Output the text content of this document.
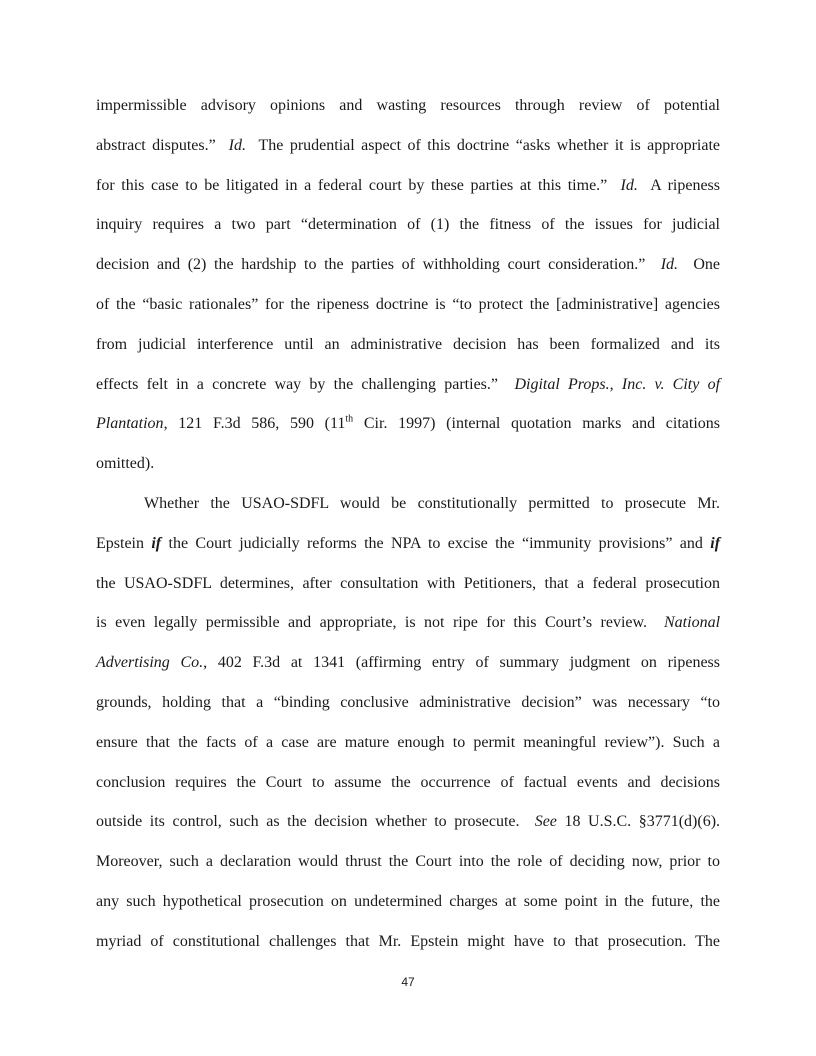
impermissible advisory opinions and wasting resources through review of potential
abstract disputes.” Id. The prudential aspect of this doctrine “asks whether it is appropriate
for this case to be litigated in a federal court by these parties at this time.” Id. A ripeness
inquiry requires a two part “determination of (1) the fitness of the issues for judicial
decision and (2) the hardship to the parties of withholding court consideration.” Id. One
of the “basic rationales” for the ripeness doctrine is “to protect the [administrative] agencies
from judicial interference until an administrative decision has been formalized and its
effects felt in a concrete way by the challenging parties.” Digital Props., Inc. v. City of
Plantation, 121 F.3d 586, 590 (11th Cir. 1997) (internal quotation marks and citations
omitted).
Whether the USAO-SDFL would be constitutionally permitted to prosecute Mr.
Epstein if the Court judicially reforms the NPA to excise the “immunity provisions” and if
the USAO-SDFL determines, after consultation with Petitioners, that a federal prosecution
is even legally permissible and appropriate, is not ripe for this Court’s review. National
Advertising Co., 402 F.3d at 1341 (affirming entry of summary judgment on ripeness
grounds, holding that a “binding conclusive administrative decision” was necessary “to
ensure that the facts of a case are mature enough to permit meaningful review”). Such a
conclusion requires the Court to assume the occurrence of factual events and decisions
outside its control, such as the decision whether to prosecute. See 18 U.S.C. §3771(d)(6).
Moreover, such a declaration would thrust the Court into the role of deciding now, prior to
any such hypothetical prosecution on undetermined charges at some point in the future, the
myriad of constitutional challenges that Mr. Epstein might have to that prosecution. The
47
